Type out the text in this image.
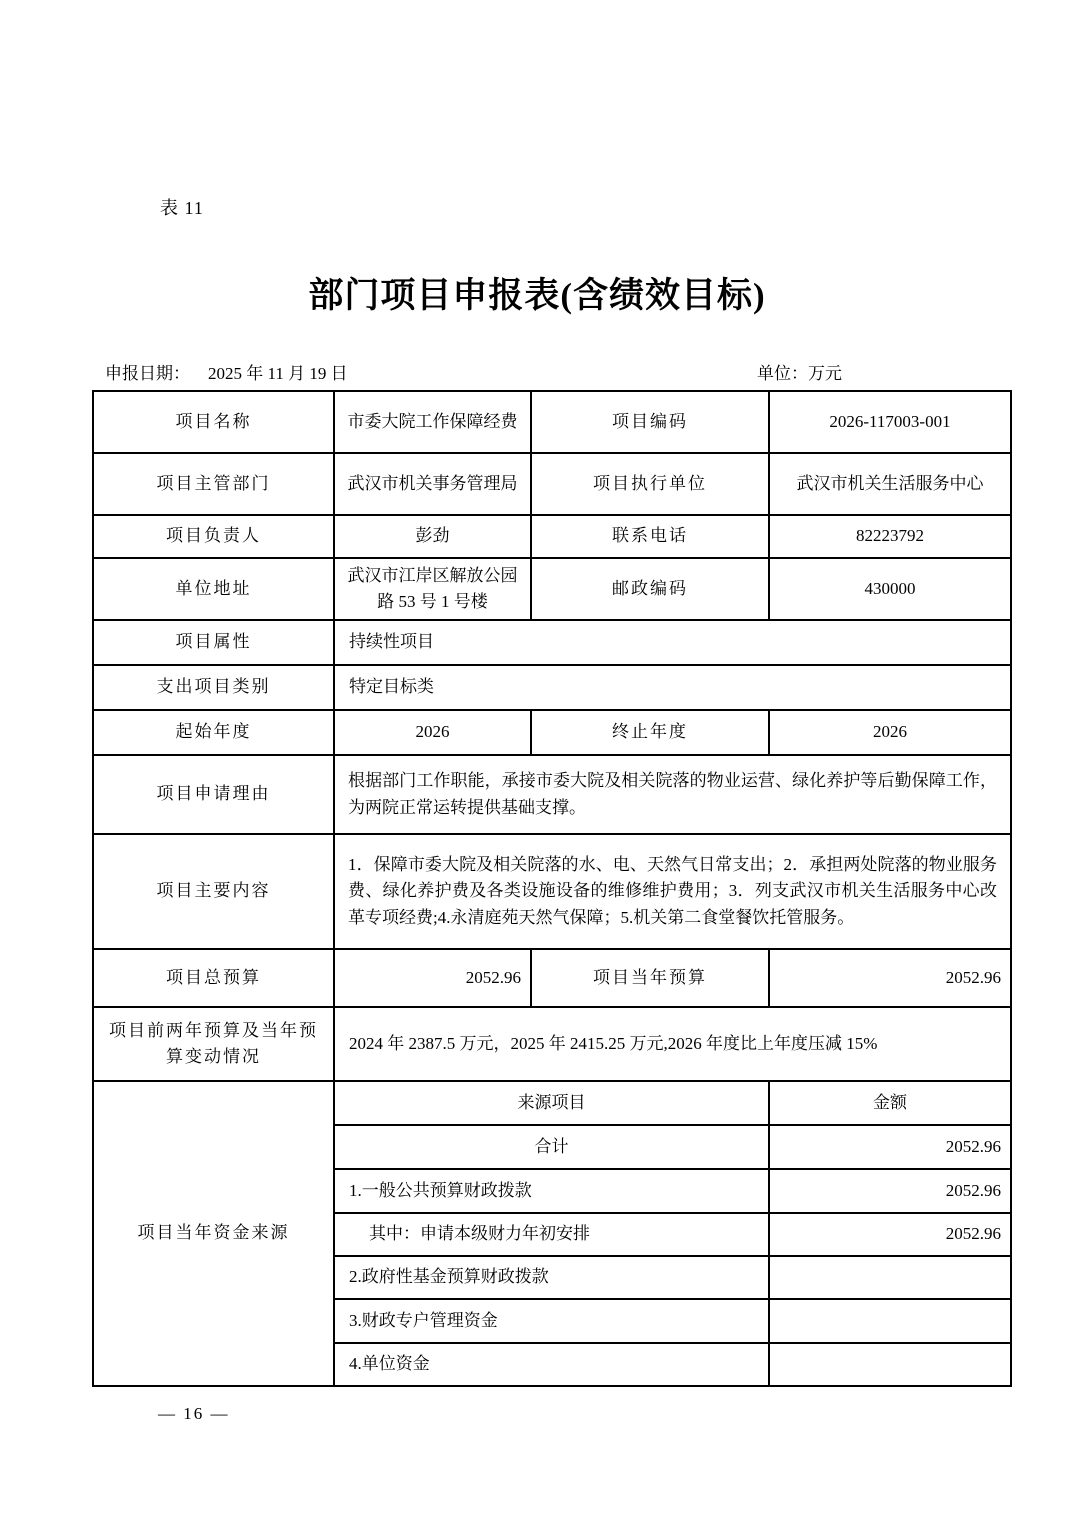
表 11
部门项目申报表(含绩效目标)
申报日期： 2025 年 11 月 19 日	单位：万元
项目名称	市委大院工作保障经费	项目编码	2026-117003-001
项目主管部门	武汉市机关事务管理局	项目执行单位	武汉市机关生活服务中心
项目负责人	彭劲	联系电话	82223792
单位地址	武汉市江岸区解放公园路 53 号 1 号楼	邮政编码	430000
项目属性	持续性项目		
支出项目类别	特定目标类		
起始年度	2026	终止年度	2026
项目申请理由	根据部门工作职能，承接市委大院及相关院落的物业运营、绿化养护等后勤保障工作，为两院正常运转提供基础支撑。		
项目主要内容	1．保障市委大院及相关院落的水、电、天然气日常支出；2．承担两处院落的物业服务费、绿化养护费及各类设施设备的维修维护费用；3．列支武汉市机关生活服务中心改革专项经费;4.永清庭苑天然气保障；5.机关第二食堂餐饮托管服务。		
项目总预算	2052.96	项目当年预算	2052.96
项目前两年预算及当年预算变动情况	2024 年 2387.5 万元，2025 年 2415.25 万元,2026 年度比上年度压减 15%		
项目当年资金来源	来源项目		金额
	合计		2052.96
	1.一般公共预算财政拨款		2052.96
	其中：申请本级财力年初安排		2052.96
	2.政府性基金预算财政拨款		
	3.财政专户管理资金		
	4.单位资金		
— 16 —
